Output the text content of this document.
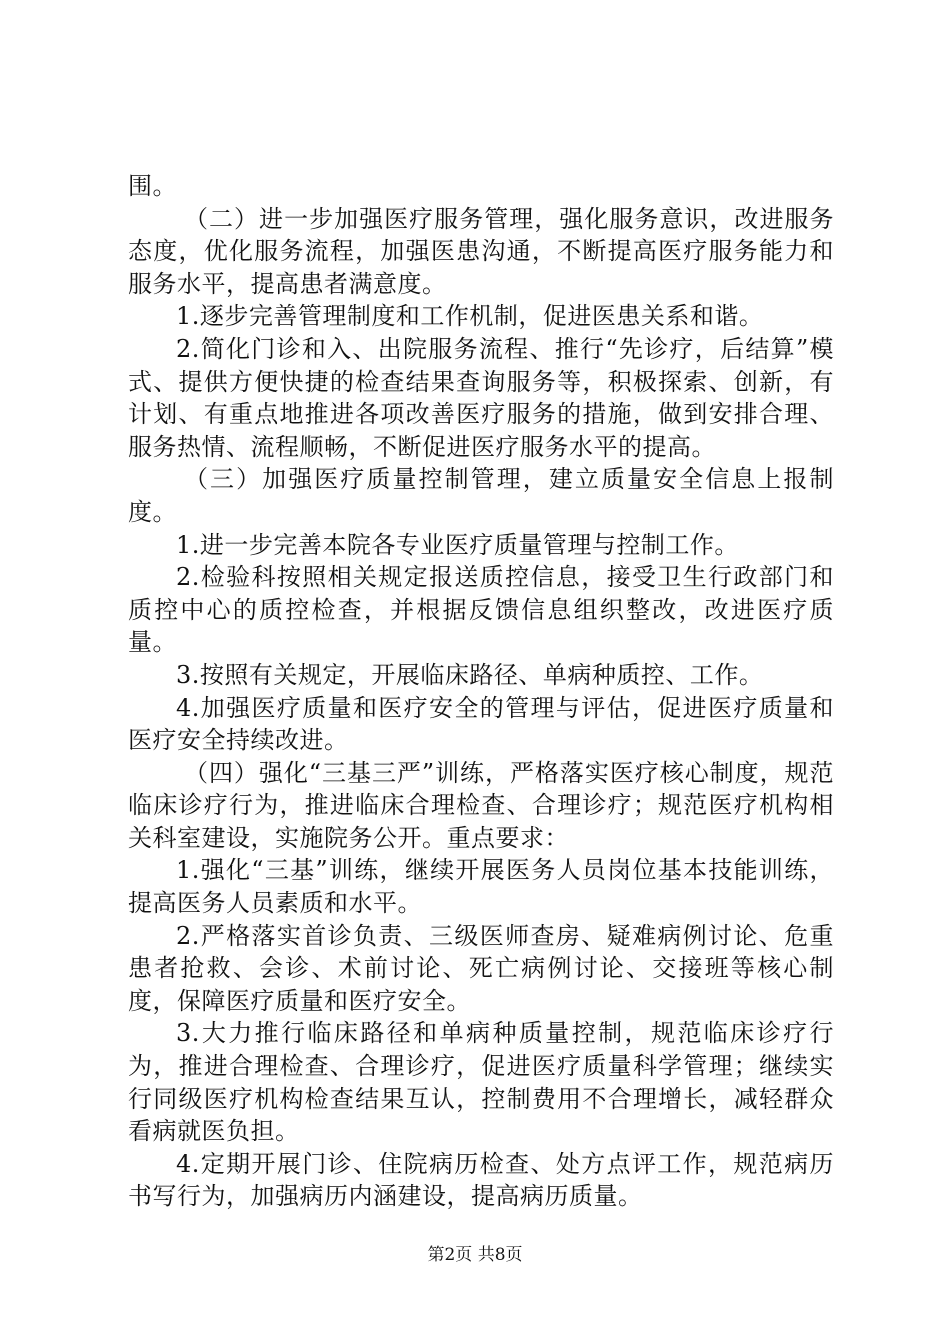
围。

（二）进一步加强医疗服务管理，强化服务意识，改进服务态度，优化服务流程，加强医患沟通，不断提高医疗服务能力和服务水平，提高患者满意度。

1.逐步完善管理制度和工作机制，促进医患关系和谐。

2.简化门诊和入、出院服务流程、推行“先诊疗，后结算”模式、提供方便快捷的检查结果查询服务等，积极探索、创新，有计划、有重点地推进各项改善医疗服务的措施，做到安排合理、服务热情、流程顺畅，不断促进医疗服务水平的提高。

（三）加强医疗质量控制管理，建立质量安全信息上报制度。

1.进一步完善本院各专业医疗质量管理与控制工作。

2.检验科按照相关规定报送质控信息，接受卫生行政部门和质控中心的质控检查，并根据反馈信息组织整改，改进医疗质量。

3.按照有关规定，开展临床路径、单病种质控、工作。

4.加强医疗质量和医疗安全的管理与评估，促进医疗质量和医疗安全持续改进。

（四）强化“三基三严”训练，严格落实医疗核心制度，规范临床诊疗行为，推进临床合理检查、合理诊疗；规范医疗机构相关科室建设，实施院务公开。重点要求：

1.强化“三基”训练，继续开展医务人员岗位基本技能训练，提高医务人员素质和水平。

2.严格落实首诊负责、三级医师查房、疑难病例讨论、危重患者抢救、会诊、术前讨论、死亡病例讨论、交接班等核心制度，保障医疗质量和医疗安全。

3.大力推行临床路径和单病种质量控制，规范临床诊疗行为，推进合理检查、合理诊疗，促进医疗质量科学管理；继续实行同级医疗机构检查结果互认，控制费用不合理增长，减轻群众看病就医负担。

4.定期开展门诊、住院病历检查、处方点评工作，规范病历书写行为，加强病历内涵建设，提高病历质量。

第2页 共8页
